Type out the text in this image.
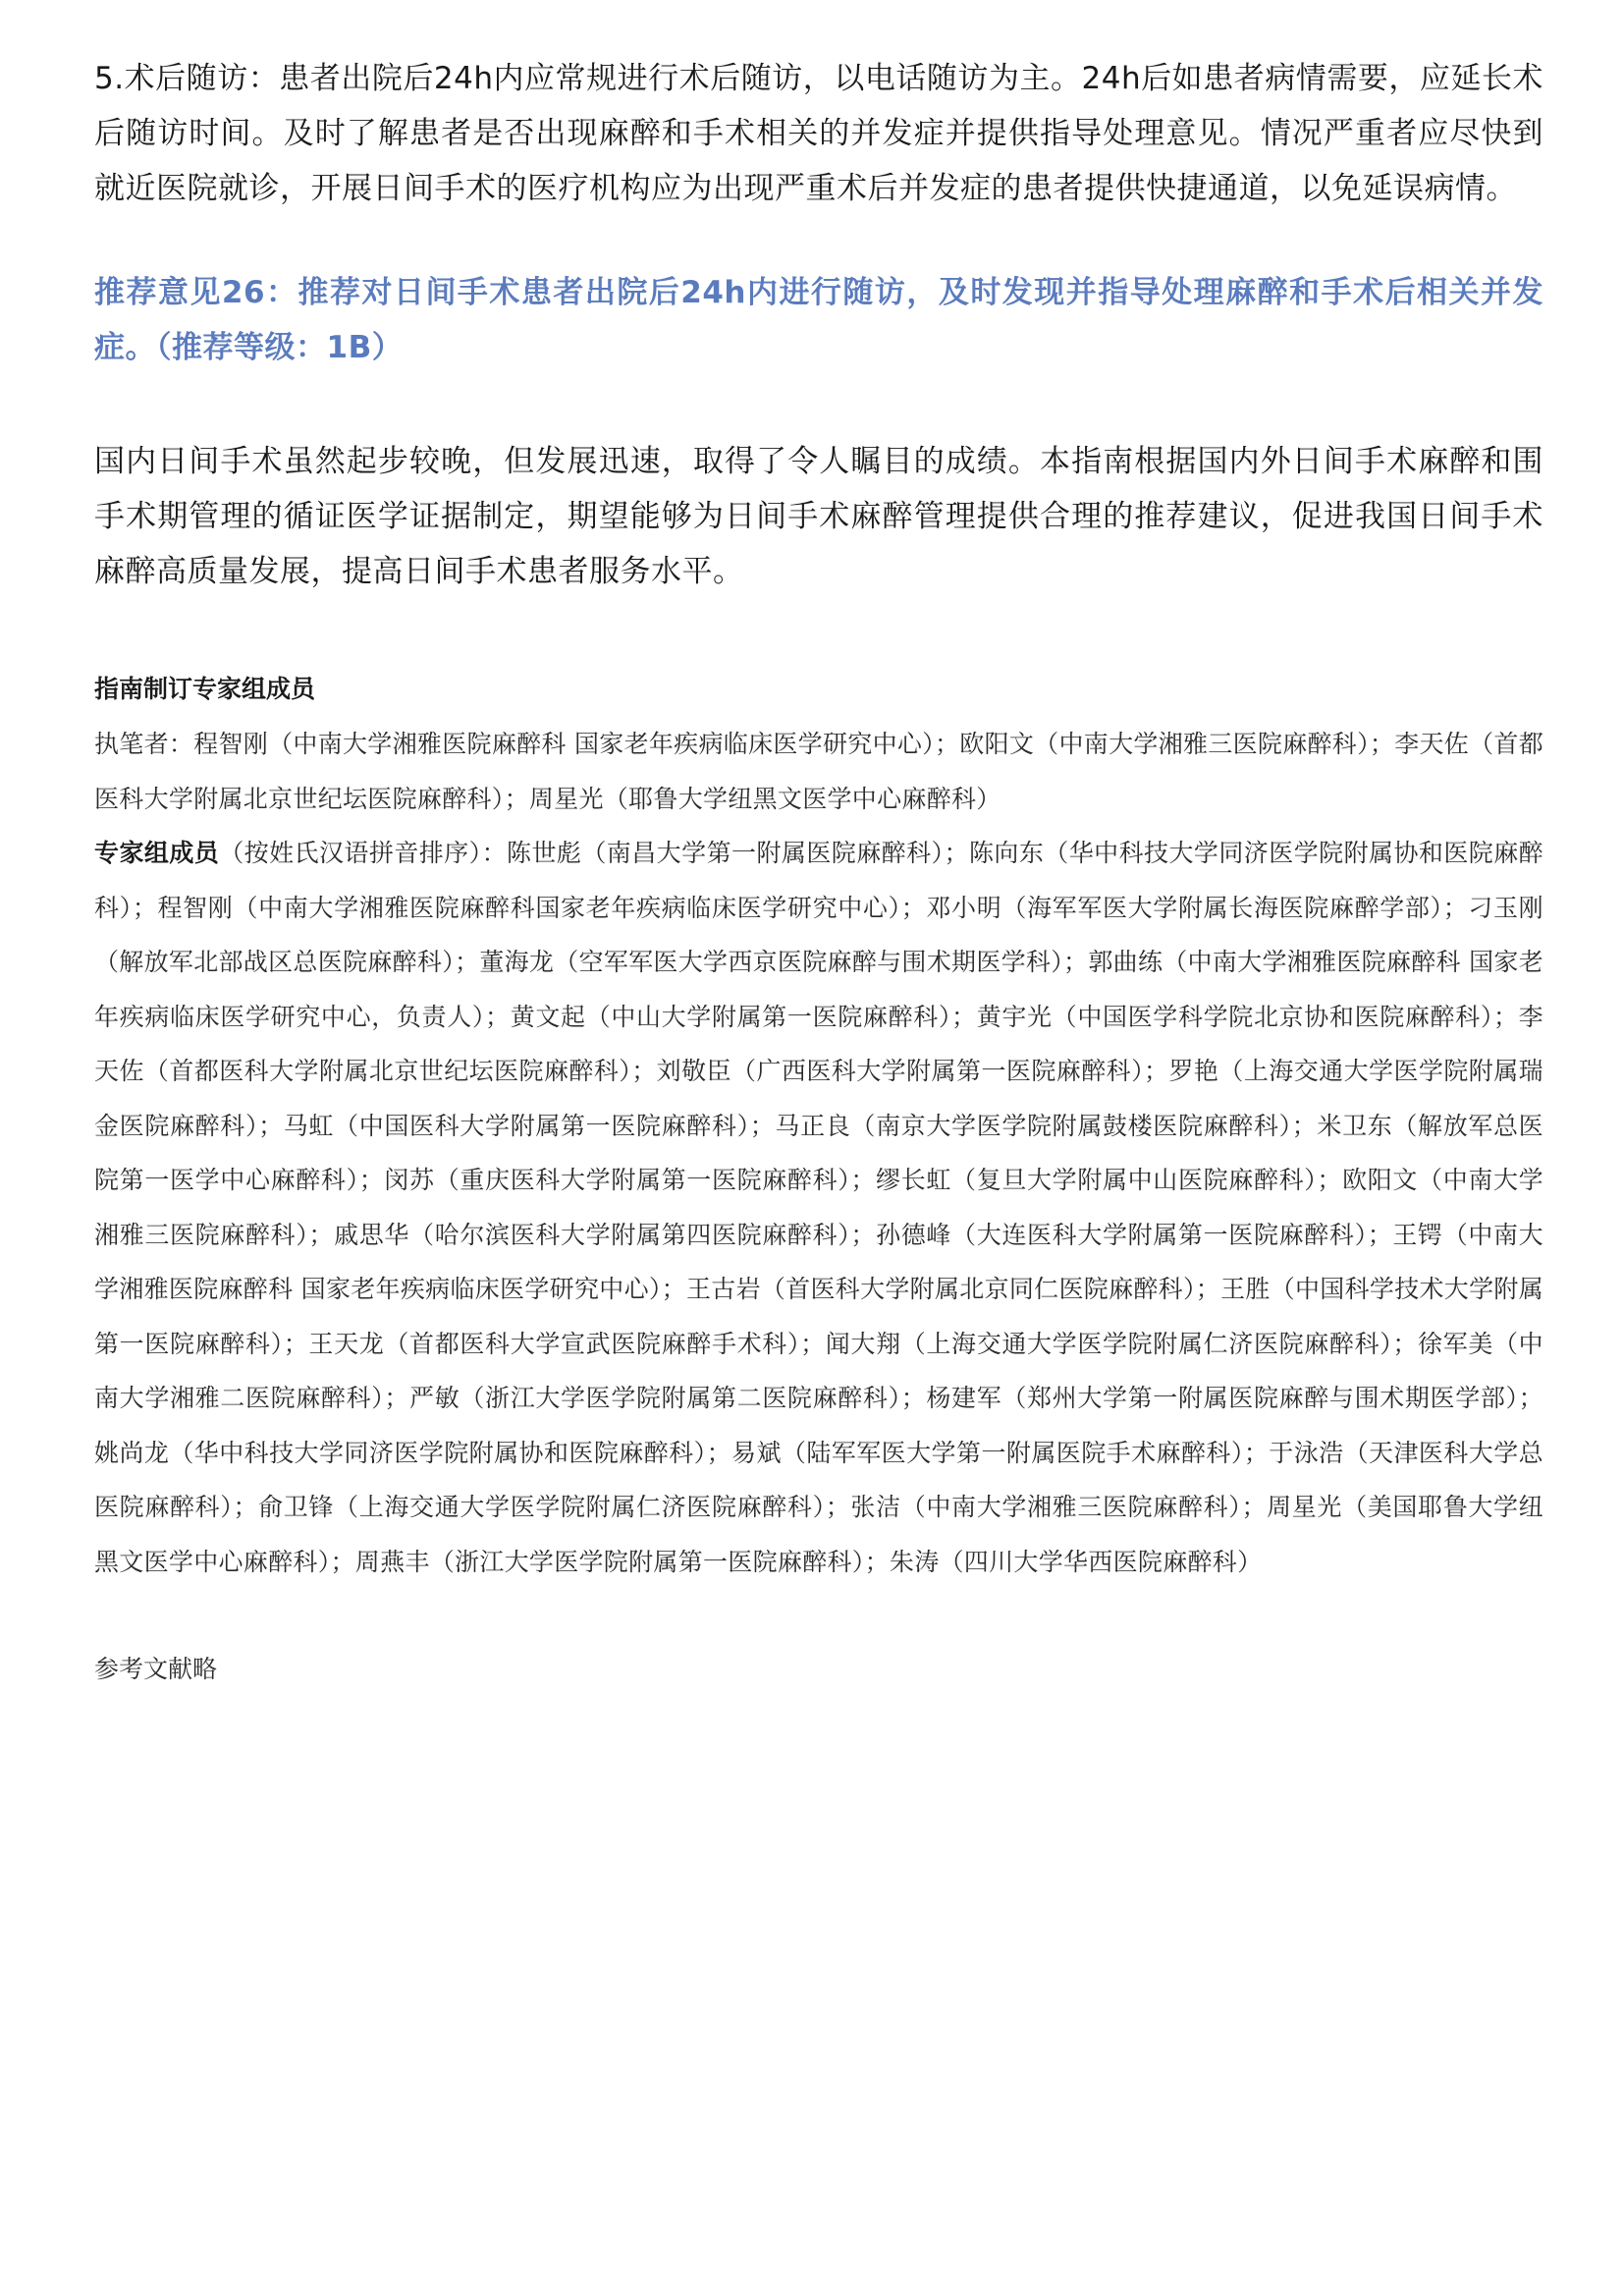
5.术后随访：患者出院后24h内应常规进行术后随访，以电话随访为主。24h后如患者病情需要，应延长术后随访时间。及时了解患者是否出现麻醉和手术相关的并发症并提供指导处理意见。情况严重者应尽快到就近医院就诊，开展日间手术的医疗机构应为出现严重术后并发症的患者提供快捷通道，以免延误病情。

推荐意见26：推荐对日间手术患者出院后24h内进行随访，及时发现并指导处理麻醉和手术后相关并发症。（推荐等级：1B）

国内日间手术虽然起步较晚，但发展迅速，取得了令人瞩目的成绩。本指南根据国内外日间手术麻醉和围手术期管理的循证医学证据制定，期望能够为日间手术麻醉管理提供合理的推荐建议，促进我国日间手术麻醉高质量发展，提高日间手术患者服务水平。

指南制订专家组成员

执笔者：程智刚（中南大学湘雅医院麻醉科 国家老年疾病临床医学研究中心）；欧阳文（中南大学湘雅三医院麻醉科）；李天佐（首都医科大学附属北京世纪坛医院麻醉科）；周星光（耶鲁大学纽黑文医学中心麻醉科）

专家组成员（按姓氏汉语拼音排序）：陈世彪（南昌大学第一附属医院麻醉科）；陈向东（华中科技大学同济医学院附属协和医院麻醉科）；程智刚（中南大学湘雅医院麻醉科国家老年疾病临床医学研究中心）；邓小明（海军军医大学附属长海医院麻醉学部）；刁玉刚（解放军北部战区总医院麻醉科）；董海龙（空军军医大学西京医院麻醉与围术期医学科）；郭曲练（中南大学湘雅医院麻醉科 国家老年疾病临床医学研究中心，负责人）；黄文起（中山大学附属第一医院麻醉科）；黄宇光（中国医学科学院北京协和医院麻醉科）；李天佐（首都医科大学附属北京世纪坛医院麻醉科）；刘敬臣（广西医科大学附属第一医院麻醉科）；罗艳（上海交通大学医学院附属瑞金医院麻醉科）；马虹（中国医科大学附属第一医院麻醉科）；马正良（南京大学医学院附属鼓楼医院麻醉科）；米卫东（解放军总医院第一医学中心麻醉科）；闵苏（重庆医科大学附属第一医院麻醉科）；缪长虹（复旦大学附属中山医院麻醉科）；欧阳文（中南大学湘雅三医院麻醉科）；戚思华（哈尔滨医科大学附属第四医院麻醉科）；孙德峰（大连医科大学附属第一医院麻醉科）；王锷（中南大学湘雅医院麻醉科 国家老年疾病临床医学研究中心）；王古岩（首医科大学附属北京同仁医院麻醉科）；王胜（中国科学技术大学附属第一医院麻醉科）；王天龙（首都医科大学宣武医院麻醉手术科）；闻大翔（上海交通大学医学院附属仁济医院麻醉科）；徐军美（中南大学湘雅二医院麻醉科）；严敏（浙江大学医学院附属第二医院麻醉科）；杨建军（郑州大学第一附属医院麻醉与围术期医学部）；姚尚龙（华中科技大学同济医学院附属协和医院麻醉科）；易斌（陆军军医大学第一附属医院手术麻醉科）；于泳浩（天津医科大学总医院麻醉科）；俞卫锋（上海交通大学医学院附属仁济医院麻醉科）；张洁（中南大学湘雅三医院麻醉科）；周星光（美国耶鲁大学纽黑文医学中心麻醉科）；周燕丰（浙江大学医学院附属第一医院麻醉科）；朱涛（四川大学华西医院麻醉科）

参考文献略
